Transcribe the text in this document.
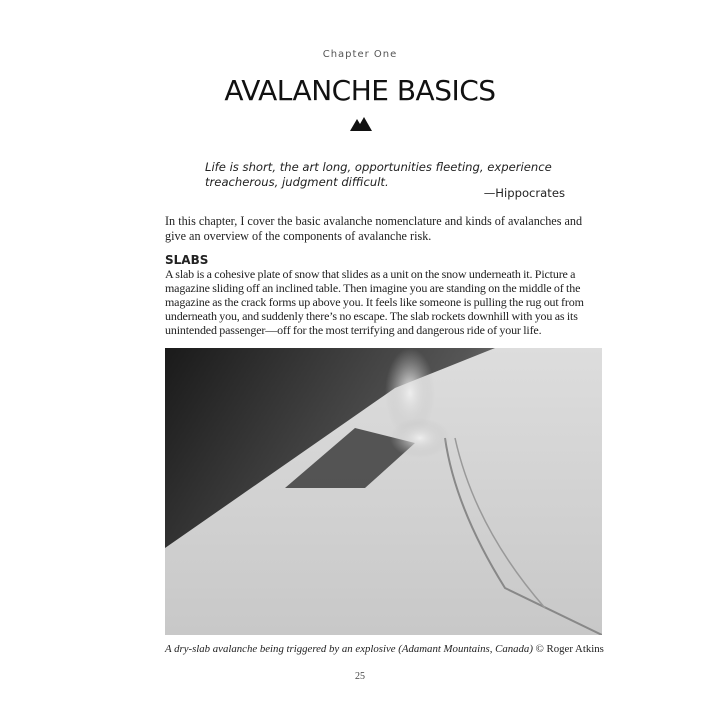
Chapter One
AVALANCHE BASICS
Life is short, the art long, opportunities fleeting, experience treacherous, judgment difficult.
—Hippocrates
In this chapter, I cover the basic avalanche nomenclature and kinds of avalanches and give an overview of the components of avalanche risk.
SLABS
A slab is a cohesive plate of snow that slides as a unit on the snow underneath it. Picture a magazine sliding off an inclined table. Then imagine you are standing on the middle of the magazine as the crack forms up above you. It feels like someone is pulling the rug out from underneath you, and suddenly there’s no escape. The slab rockets downhill with you as its unintended passenger—off for the most terrifying and dangerous ride of your life.
A dry-slab avalanche being triggered by an explosive (Adamant Mountains, Canada) © Roger Atkins
25
